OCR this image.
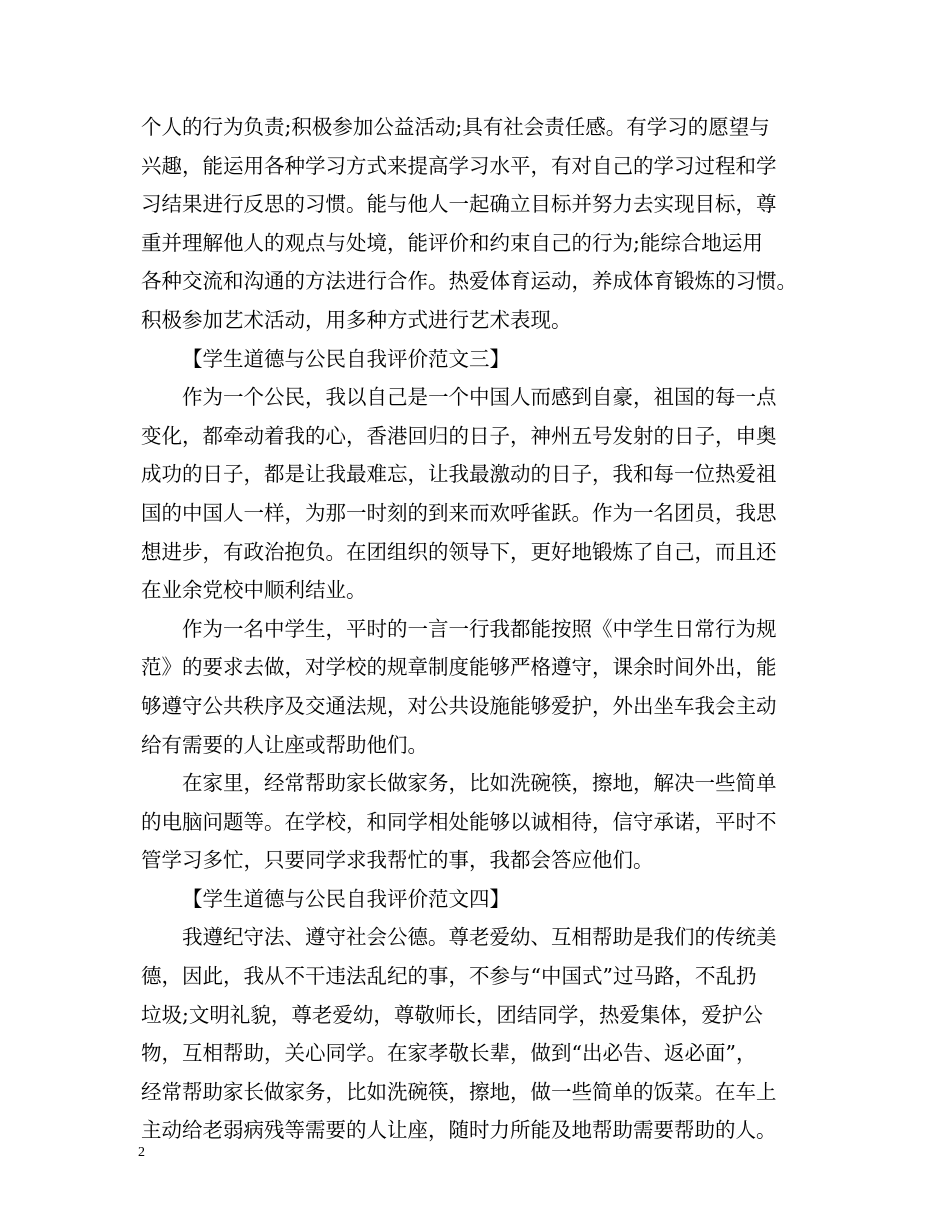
个人的行为负责;积极参加公益活动;具有社会责任感。有学习的愿望与
兴趣，能运用各种学习方式来提高学习水平，有对自己的学习过程和学
习结果进行反思的习惯。能与他人一起确立目标并努力去实现目标，尊
重并理解他人的观点与处境，能评价和约束自己的行为;能综合地运用
各种交流和沟通的方法进行合作。热爱体育运动，养成体育锻炼的习惯。
积极参加艺术活动，用多种方式进行艺术表现。
【学生道德与公民自我评价范文三】
作为一个公民，我以自己是一个中国人而感到自豪，祖国的每一点
变化，都牵动着我的心，香港回归的日子，神州五号发射的日子，申奥
成功的日子，都是让我最难忘，让我最激动的日子，我和每一位热爱祖
国的中国人一样，为那一时刻的到来而欢呼雀跃。作为一名团员，我思
想进步，有政治抱负。在团组织的领导下，更好地锻炼了自己，而且还
在业余党校中顺利结业。
作为一名中学生，平时的一言一行我都能按照《中学生日常行为规
范》的要求去做，对学校的规章制度能够严格遵守，课余时间外出，能
够遵守公共秩序及交通法规，对公共设施能够爱护，外出坐车我会主动
给有需要的人让座或帮助他们。
在家里，经常帮助家长做家务，比如洗碗筷，擦地，解决一些简单
的电脑问题等。在学校，和同学相处能够以诚相待，信守承诺，平时不
管学习多忙，只要同学求我帮忙的事，我都会答应他们。
【学生道德与公民自我评价范文四】
我遵纪守法、遵守社会公德。尊老爱幼、互相帮助是我们的传统美
德，因此，我从不干违法乱纪的事，不参与“中国式”过马路，不乱扔
垃圾;文明礼貌，尊老爱幼，尊敬师长，团结同学，热爱集体，爱护公
物，互相帮助，关心同学。在家孝敬长辈，做到“出必告、返必面”，
经常帮助家长做家务，比如洗碗筷，擦地，做一些简单的饭菜。在车上
主动给老弱病残等需要的人让座，随时力所能及地帮助需要帮助的人。
2
